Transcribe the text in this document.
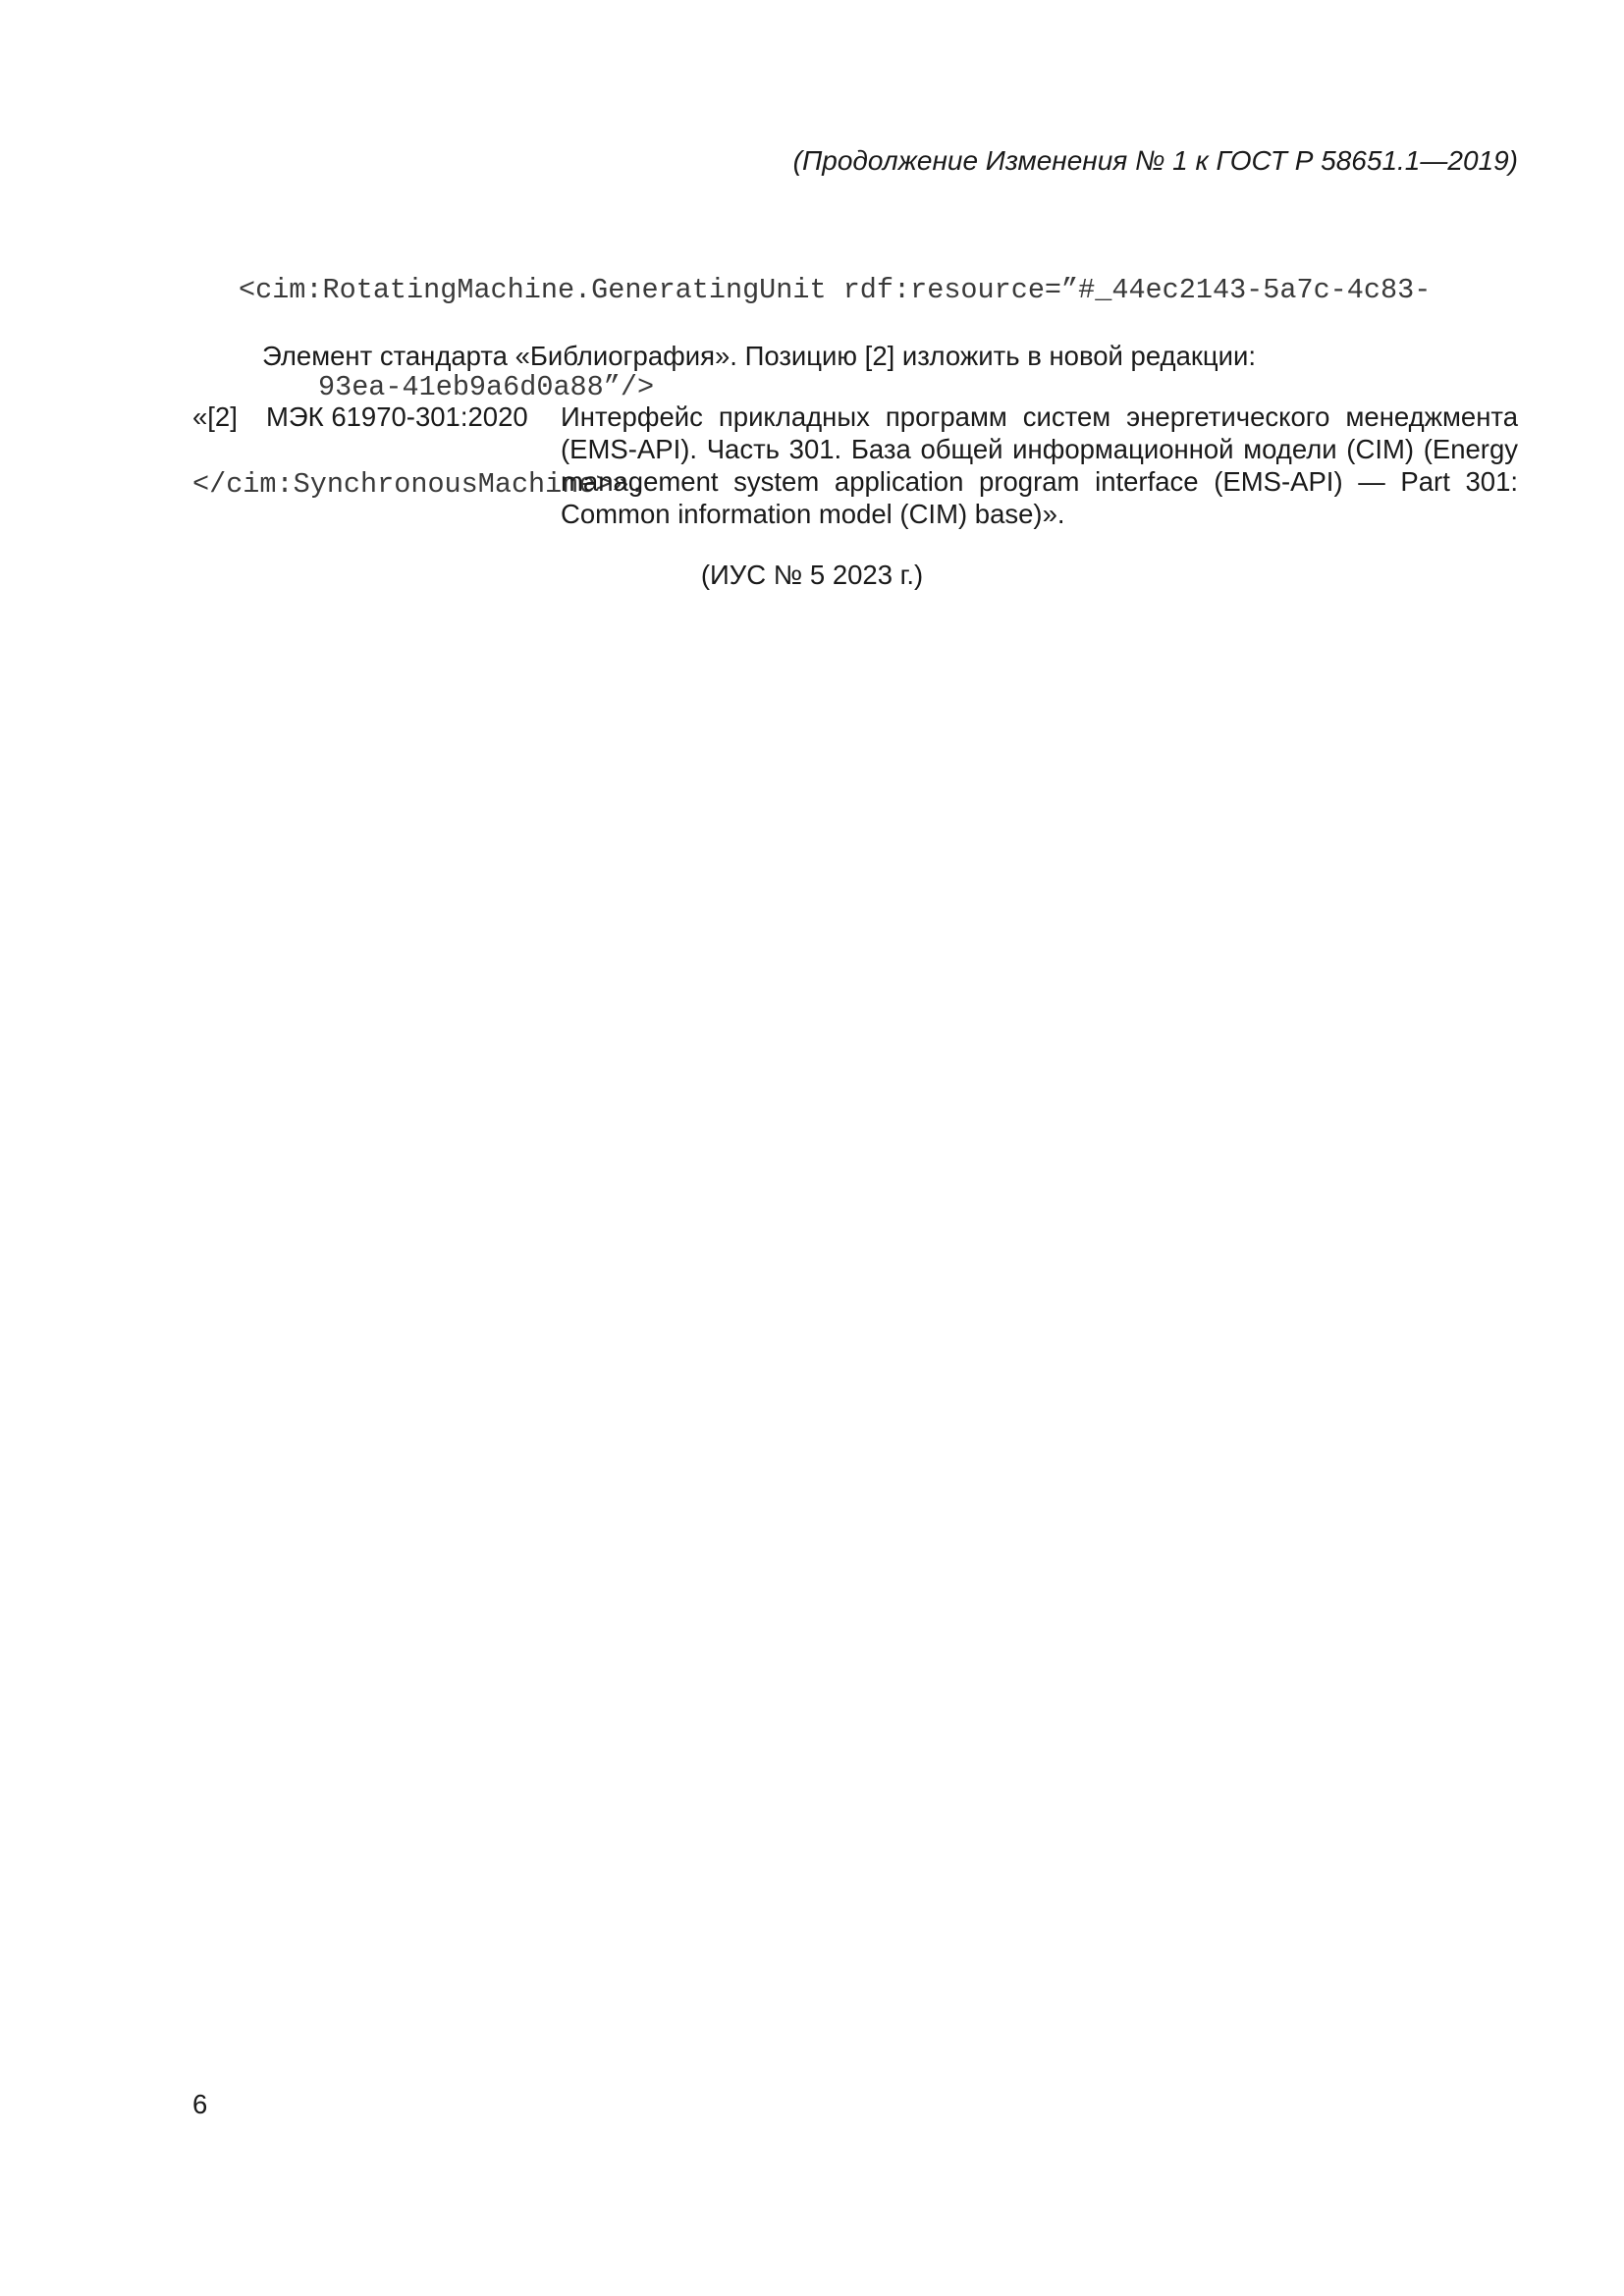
(Продолжение Изменения № 1 к ГОСТ Р 58651.1—2019)

<cim:RotatingMachine.GeneratingUnit rdf:resource=”#_44ec2143-5a7c-4c83-

93ea-41eb9a6d0a88”/>

</cim:SynchronousMachine>».

Элемент стандарта «Библиография». Позицию [2] изложить в новой редакции:
«[2] МЭК 61970-301:2020 Интерфейс прикладных программ систем энергетического менеджмента (EMS-API). Часть 301. База общей информационной модели (CIM) (Energy management system application program interface (EMS-API) — Part 301: Common information model (CIM) base)».
(ИУС № 5 2023 г.)
6
